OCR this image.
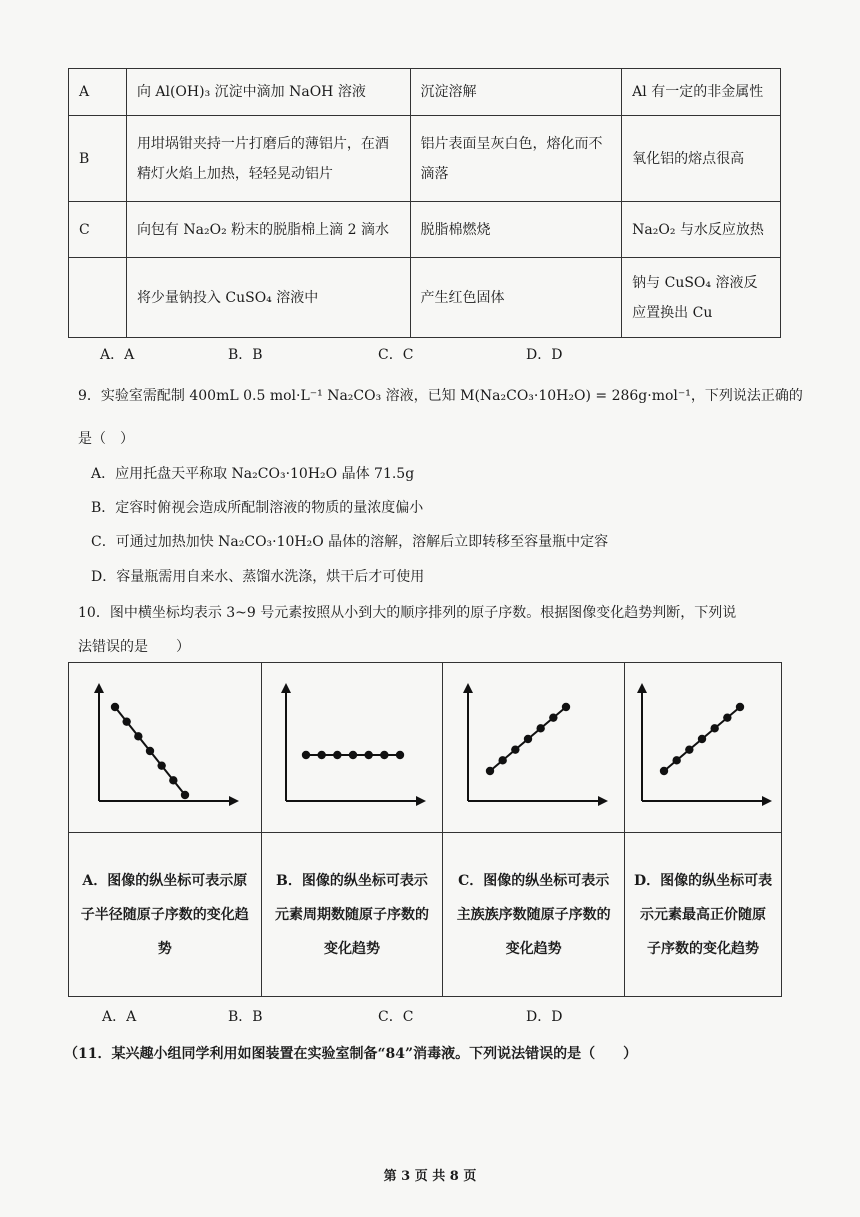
A	向 Al(OH)₃ 沉淀中滴加 NaOH 溶液	沉淀溶解	Al 有一定的非金属性
B	用坩埚钳夹持一片打磨后的薄铝片，在酒精灯火焰上加热，轻轻晃动铝片	铝片表面呈灰白色，熔化而不滴落	氧化铝的熔点很高
C	向包有 Na₂O₂ 粉末的脱脂棉上滴 2 滴水	脱脂棉燃烧	Na₂O₂ 与水反应放热
	将少量钠投入 CuSO₄ 溶液中	产生红色固体	钠与 CuSO₄ 溶液反应置换出 Cu
A．A	B．B	C．C	D．D
9．实验室需配制 400mL 0.5 mol·L⁻¹ Na₂CO₃ 溶液，已知 M(Na₂CO₃·10H₂O) = 286g·mol⁻¹，下列说法正确的
是（　）
A．应用托盘天平称取 Na₂CO₃·10H₂O 晶体 71.5g
B．定容时俯视会造成所配制溶液的物质的量浓度偏小
C．可通过加热加快 Na₂CO₃·10H₂O 晶体的溶解，溶解后立即转移至容量瓶中定容
D．容量瓶需用自来水、蒸馏水洗涤，烘干后才可使用
10．图中横坐标均表示 3~9 号元素按照从小到大的顺序排列的原子序数。根据图像变化趋势判断，下列说
法错误的是　　）

A．图像的纵坐标可表示原子半径随原子序数的变化趋势	B．图像的纵坐标可表示元素周期数随原子序数的变化趋势	C．图像的纵坐标可表示主族族序数随原子序数的变化趋势	D．图像的纵坐标可表示元素最高正价随原子序数的变化趋势
A．A	B．B	C．C	D．D
（11．某兴趣小组同学利用如图装置在实验室制备“84”消毒液。下列说法错误的是（　　）
第 3 页 共 8 页
